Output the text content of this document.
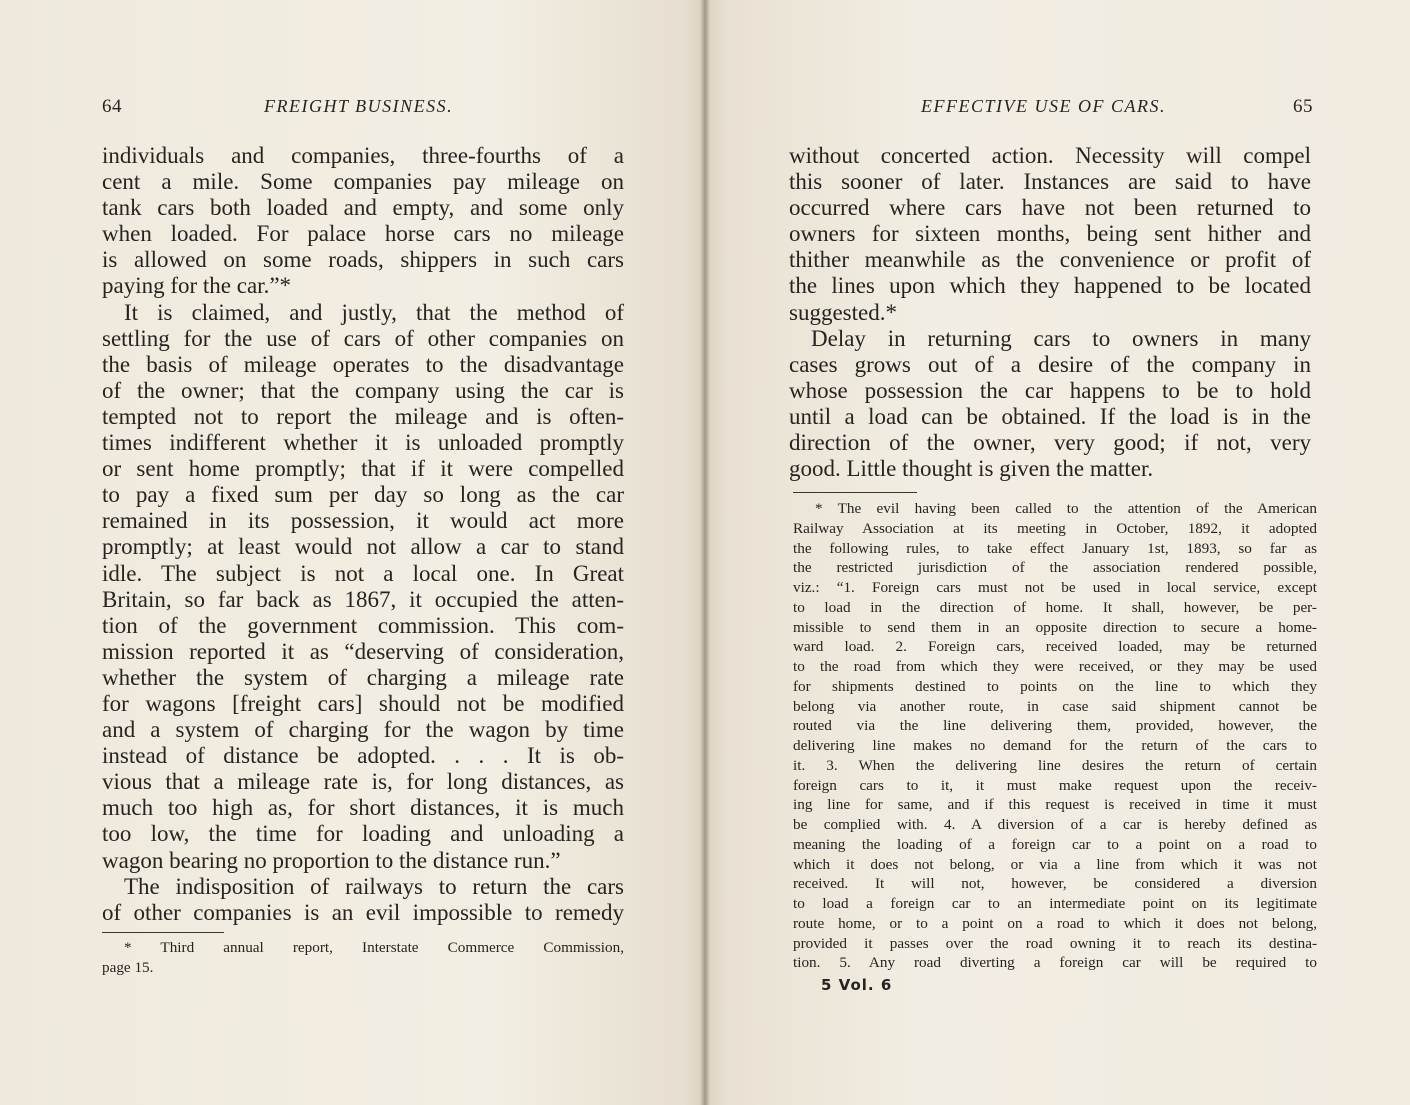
64	FREIGHT BUSINESS.
individuals and companies, three-fourths of a
cent a mile. Some companies pay mileage on
tank cars both loaded and empty, and some only
when loaded. For palace horse cars no mileage
is allowed on some roads, shippers in such cars
paying for the car.”*
It is claimed, and justly, that the method of
settling for the use of cars of other companies on
the basis of mileage operates to the disadvantage
of the owner; that the company using the car is
tempted not to report the mileage and is often-
times indifferent whether it is unloaded promptly
or sent home promptly; that if it were compelled
to pay a fixed sum per day so long as the car
remained in its possession, it would act more
promptly; at least would not allow a car to stand
idle. The subject is not a local one. In Great
Britain, so far back as 1867, it occupied the atten-
tion of the government commission. This com-
mission reported it as “deserving of consideration,
whether the system of charging a mileage rate
for wagons [freight cars] should not be modified
and a system of charging for the wagon by time
instead of distance be adopted. . . . It is ob-
vious that a mileage rate is, for long distances, as
much too high as, for short distances, it is much
too low, the time for loading and unloading a
wagon bearing no proportion to the distance run.”
The indisposition of railways to return the cars
of other companies is an evil impossible to remedy
* Third annual report, Interstate Commerce Commission,
page 15.
EFFECTIVE USE OF CARS.	65
without concerted action. Necessity will compel
this sooner of later. Instances are said to have
occurred where cars have not been returned to
owners for sixteen months, being sent hither and
thither meanwhile as the convenience or profit of
the lines upon which they happened to be located
suggested.*
Delay in returning cars to owners in many
cases grows out of a desire of the company in
whose possession the car happens to be to hold
until a load can be obtained. If the load is in the
direction of the owner, very good; if not, very
good. Little thought is given the matter.
* The evil having been called to the attention of the American
Railway Association at its meeting in October, 1892, it adopted
the following rules, to take effect January 1st, 1893, so far as
the restricted jurisdiction of the association rendered possible,
viz.: “1. Foreign cars must not be used in local service, except
to load in the direction of home. It shall, however, be per-
missible to send them in an opposite direction to secure a home-
ward load. 2. Foreign cars, received loaded, may be returned
to the road from which they were received, or they may be used
for shipments destined to points on the line to which they
belong via another route, in case said shipment cannot be
routed via the line delivering them, provided, however, the
delivering line makes no demand for the return of the cars to
it. 3. When the delivering line desires the return of certain
foreign cars to it, it must make request upon the receiv-
ing line for same, and if this request is received in time it must
be complied with. 4. A diversion of a car is hereby defined as
meaning the loading of a foreign car to a point on a road to
which it does not belong, or via a line from which it was not
received. It will not, however, be considered a diversion
to load a foreign car to an intermediate point on its legitimate
route home, or to a point on a road to which it does not belong,
provided it passes over the road owning it to reach its destina-
tion. 5. Any road diverting a foreign car will be required to
5 Vol. 6
